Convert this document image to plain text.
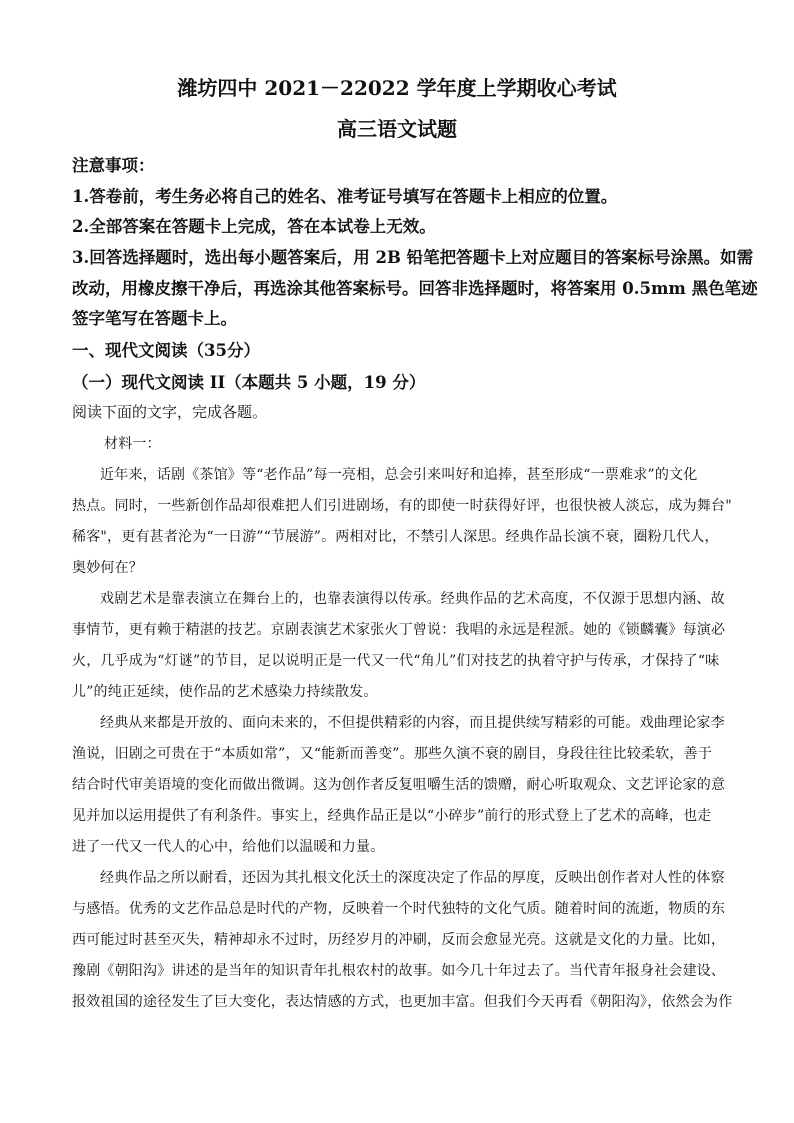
潍坊四中 2021－22022 学年度上学期收心考试
高三语文试题
注意事项：
1.答卷前，考生务必将自己的姓名、准考证号填写在答题卡上相应的位置。
2.全部答案在答题卡上完成，答在本试卷上无效。
3.回答选择题时，选出每小题答案后，用 2B 铅笔把答题卡上对应题目的答案标号涂黑。如需
改动，用橡皮擦干净后，再选涂其他答案标号。回答非选择题时，将答案用 0.5mm 黑色笔迹
签字笔写在答题卡上。
一、现代文阅读（35分）
（一）现代文阅读 II（本题共 5 小题，19 分）
阅读下面的文字，完成各题。
材料一：
近年来，话剧《茶馆》等“老作品”每一亮相，总会引来叫好和追捧，甚至形成“一票难求”的文化
热点。同时，一些新创作品却很难把人们引进剧场，有的即使一时获得好评，也很快被人淡忘，成为舞台"
稀客"，更有甚者沦为“一日游”“节展游”。两相对比，不禁引人深思。经典作品长演不衰，圈粉几代人，
奥妙何在？
戏剧艺术是靠表演立在舞台上的，也靠表演得以传承。经典作品的艺术高度，不仅源于思想内涵、故
事情节，更有赖于精湛的技艺。京剧表演艺术家张火丁曾说：我唱的永远是程派。她的《锁麟囊》每演必
火，几乎成为“灯谜”的节目，足以说明正是一代又一代“角儿”们对技艺的执着守护与传承，才保持了“味
儿”的纯正延续，使作品的艺术感染力持续散发。
经典从来都是开放的、面向未来的，不但提供精彩的内容，而且提供续写精彩的可能。戏曲理论家李
渔说，旧剧之可贵在于“本质如常”，又“能新而善变”。那些久演不衰的剧目，身段往往比较柔软，善于
结合时代审美语境的变化而做出微调。这为创作者反复咀嚼生活的馈赠，耐心听取观众、文艺评论家的意
见并加以运用提供了有利条件。事实上，经典作品正是以“小碎步”前行的形式登上了艺术的高峰，也走
进了一代又一代人的心中，给他们以温暖和力量。
经典作品之所以耐看，还因为其扎根文化沃土的深度决定了作品的厚度，反映出创作者对人性的体察
与感悟。优秀的文艺作品总是时代的产物，反映着一个时代独特的文化气质。随着时间的流逝，物质的东
西可能过时甚至灭失，精神却永不过时，历经岁月的冲刷，反而会愈显光亮。这就是文化的力量。比如，
豫剧《朝阳沟》讲述的是当年的知识青年扎根农村的故事。如今几十年过去了。当代青年报身社会建设、
报效祖国的途径发生了巨大变化，表达情感的方式，也更加丰富。但我们今天再看《朝阳沟》，依然会为作
